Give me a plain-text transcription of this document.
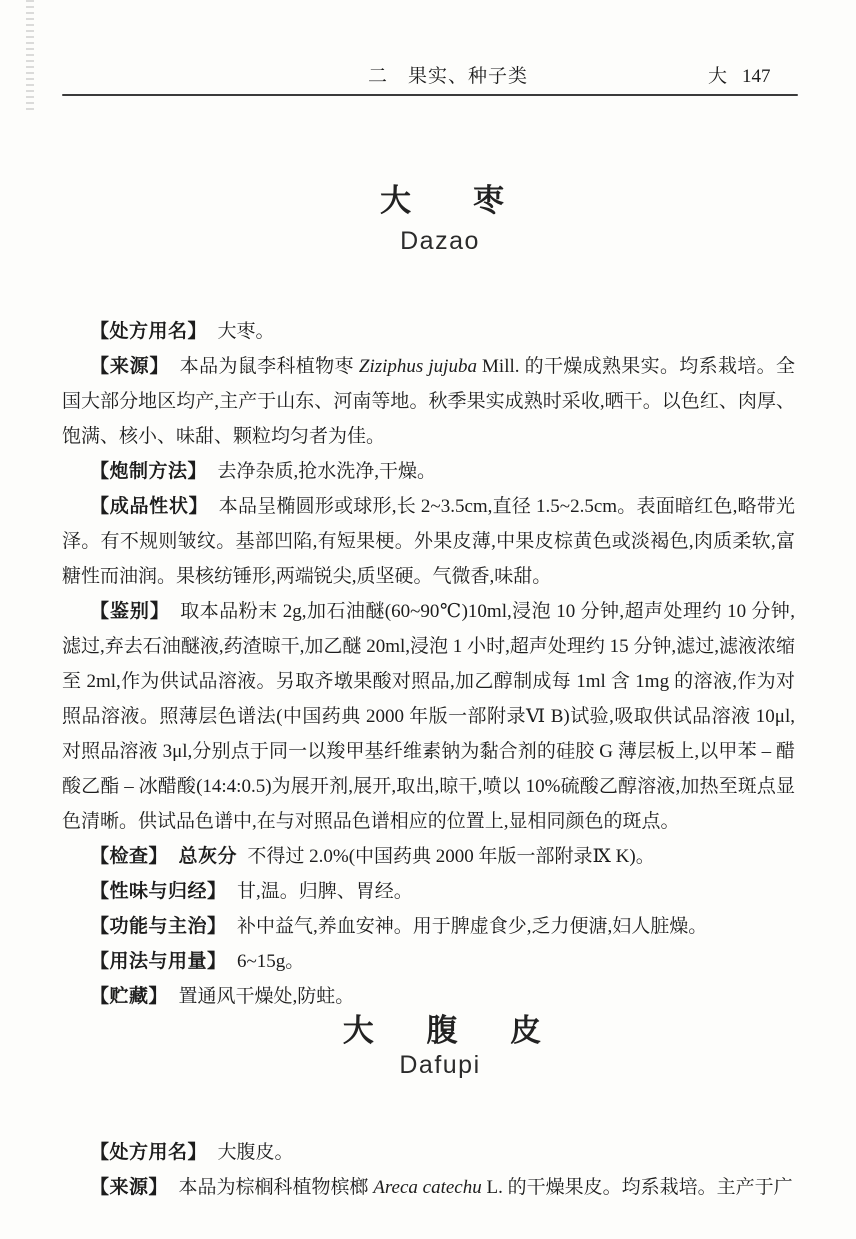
二　果实、种子类	大 147
大枣
Dazao

【处方用名】 大枣。

【来源】 本品为鼠李科植物枣 Ziziphus jujuba Mill. 的干燥成熟果实。均系栽培。全国大部分地区均产,主产于山东、河南等地。秋季果实成熟时采收,晒干。以色红、肉厚、饱满、核小、味甜、颗粒均匀者为佳。

【炮制方法】 去净杂质,抢水洗净,干燥。

【成品性状】 本品呈椭圆形或球形,长 2~3.5cm,直径 1.5~2.5cm。表面暗红色,略带光泽。有不规则皱纹。基部凹陷,有短果梗。外果皮薄,中果皮棕黄色或淡褐色,肉质柔软,富糖性而油润。果核纺锤形,两端锐尖,质坚硬。气微香,味甜。

【鉴别】 取本品粉末 2g,加石油醚(60~90℃)10ml,浸泡 10 分钟,超声处理约 10 分钟,滤过,弃去石油醚液,药渣晾干,加乙醚 20ml,浸泡 1 小时,超声处理约 15 分钟,滤过,滤液浓缩至 2ml,作为供试品溶液。另取齐墩果酸对照品,加乙醇制成每 1ml 含 1mg 的溶液,作为对照品溶液。照薄层色谱法(中国药典 2000 年版一部附录Ⅵ B)试验,吸取供试品溶液 10μl,对照品溶液 3μl,分别点于同一以羧甲基纤维素钠为黏合剂的硅胶 G 薄层板上,以甲苯 – 醋酸乙酯 – 冰醋酸(14:4:0.5)为展开剂,展开,取出,晾干,喷以 10%硫酸乙醇溶液,加热至斑点显色清晰。供试品色谱中,在与对照品色谱相应的位置上,显相同颜色的斑点。

【检查】 总灰分 不得过 2.0%(中国药典 2000 年版一部附录Ⅸ K)。

【性味与归经】 甘,温。归脾、胃经。

【功能与主治】 补中益气,养血安神。用于脾虚食少,乏力便溏,妇人脏燥。

【用法与用量】 6~15g。

【贮藏】 置通风干燥处,防蛀。

大腹皮
Dafupi

【处方用名】 大腹皮。

【来源】 本品为棕榈科植物槟榔 Areca catechu L. 的干燥果皮。均系栽培。主产于广
